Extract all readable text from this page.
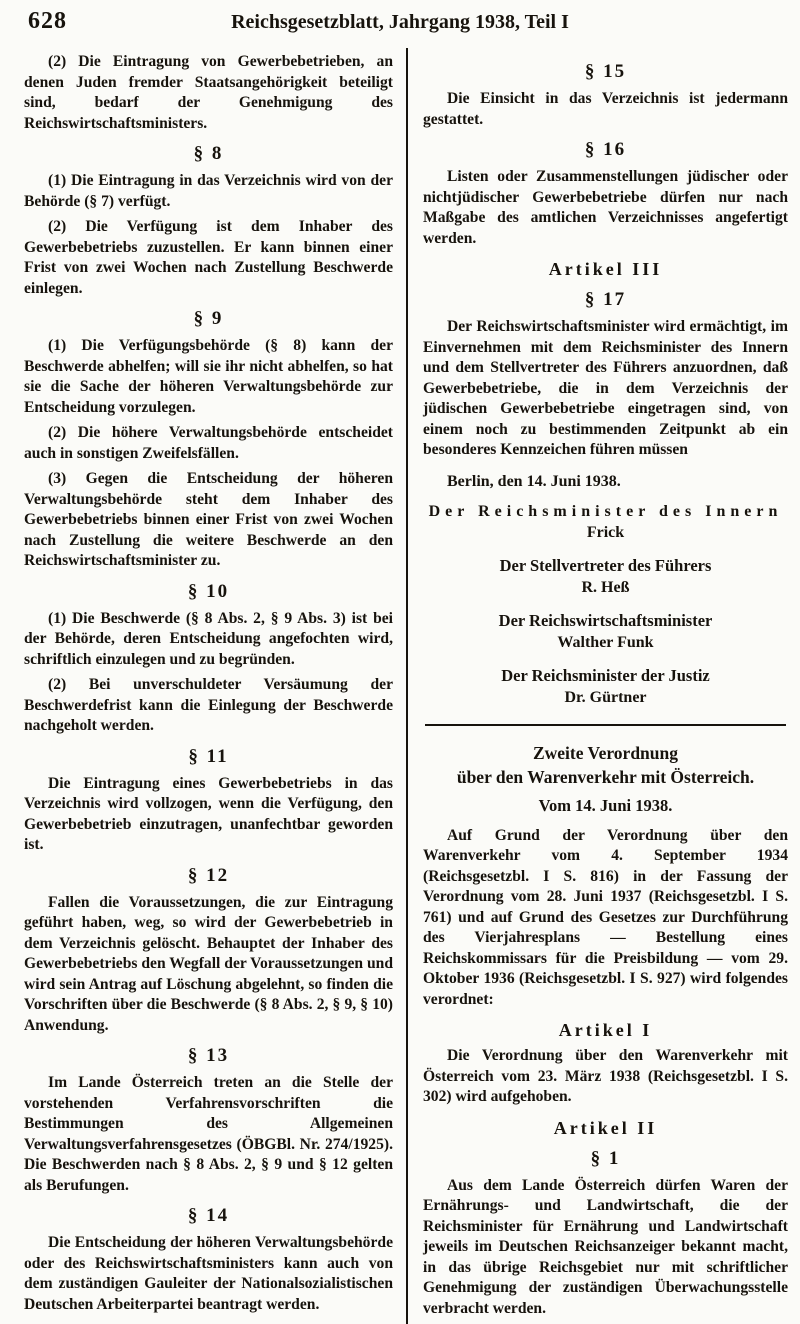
628	Reichsgesetzblatt, Jahrgang 1938, Teil I
(2) Die Eintragung von Gewerbebetrieben, an denen Juden fremder Staatsangehörigkeit beteiligt sind, bedarf der Genehmigung des Reichswirtschaftsministers.
§ 8
(1) Die Eintragung in das Verzeichnis wird von der Behörde (§ 7) verfügt.
(2) Die Verfügung ist dem Inhaber des Gewerbebetriebs zuzustellen. Er kann binnen einer Frist von zwei Wochen nach Zustellung Beschwerde einlegen.
§ 9
(1) Die Verfügungsbehörde (§ 8) kann der Beschwerde abhelfen; will sie ihr nicht abhelfen, so hat sie die Sache der höheren Verwaltungsbehörde zur Entscheidung vorzulegen.
(2) Die höhere Verwaltungsbehörde entscheidet auch in sonstigen Zweifelsfällen.
(3) Gegen die Entscheidung der höheren Verwaltungsbehörde steht dem Inhaber des Gewerbebetriebs binnen einer Frist von zwei Wochen nach Zustellung die weitere Beschwerde an den Reichswirtschaftsminister zu.
§ 10
(1) Die Beschwerde (§ 8 Abs. 2, § 9 Abs. 3) ist bei der Behörde, deren Entscheidung angefochten wird, schriftlich einzulegen und zu begründen.
(2) Bei unverschuldeter Versäumung der Beschwerdefrist kann die Einlegung der Beschwerde nachgeholt werden.
§ 11
Die Eintragung eines Gewerbebetriebs in das Verzeichnis wird vollzogen, wenn die Verfügung, den Gewerbebetrieb einzutragen, unanfechtbar geworden ist.
§ 12
Fallen die Voraussetzungen, die zur Eintragung geführt haben, weg, so wird der Gewerbebetrieb in dem Verzeichnis gelöscht. Behauptet der Inhaber des Gewerbebetriebs den Wegfall der Voraussetzungen und wird sein Antrag auf Löschung abgelehnt, so finden die Vorschriften über die Beschwerde (§ 8 Abs. 2, § 9, § 10) Anwendung.
§ 13
Im Lande Österreich treten an die Stelle der vorstehenden Verfahrensvorschriften die Bestimmungen des Allgemeinen Verwaltungsverfahrensgesetzes (ÖBGBl. Nr. 274/1925). Die Beschwerden nach § 8 Abs. 2, § 9 und § 12 gelten als Berufungen.
§ 14
Die Entscheidung der höheren Verwaltungsbehörde oder des Reichswirtschaftsministers kann auch von dem zuständigen Gauleiter der Nationalsozialistischen Deutschen Arbeiterpartei beantragt werden.
§ 15
Die Einsicht in das Verzeichnis ist jedermann gestattet.
§ 16
Listen oder Zusammenstellungen jüdischer oder nichtjüdischer Gewerbebetriebe dürfen nur nach Maßgabe des amtlichen Verzeichnisses angefertigt werden.
Artikel III
§ 17
Der Reichswirtschaftsminister wird ermächtigt, im Einvernehmen mit dem Reichsminister des Innern und dem Stellvertreter des Führers anzuordnen, daß Gewerbebetriebe, die in dem Verzeichnis der jüdischen Gewerbebetriebe eingetragen sind, von einem noch zu bestimmenden Zeitpunkt ab ein besonderes Kennzeichen führen müssen
Berlin, den 14. Juni 1938.
Der Reichsminister des Innern
Frick
Der Stellvertreter des Führers
R. Heß
Der Reichswirtschaftsminister
Walther Funk
Der Reichsminister der Justiz
Dr. Gürtner
Zweite Verordnung
über den Warenverkehr mit Österreich.
Vom 14. Juni 1938.
Auf Grund der Verordnung über den Warenverkehr vom 4. September 1934 (Reichsgesetzbl. I S. 816) in der Fassung der Verordnung vom 28. Juni 1937 (Reichsgesetzbl. I S. 761) und auf Grund des Gesetzes zur Durchführung des Vierjahresplans — Bestellung eines Reichskommissars für die Preisbildung — vom 29. Oktober 1936 (Reichsgesetzbl. I S. 927) wird folgendes verordnet:
Artikel I
Die Verordnung über den Warenverkehr mit Österreich vom 23. März 1938 (Reichsgesetzbl. I S. 302) wird aufgehoben.
Artikel II
§ 1
Aus dem Lande Österreich dürfen Waren der Ernährungs- und Landwirtschaft, die der Reichsminister für Ernährung und Landwirtschaft jeweils im Deutschen Reichsanzeiger bekannt macht, in das übrige Reichsgebiet nur mit schriftlicher Genehmigung der zuständigen Überwachungsstelle verbracht werden.
